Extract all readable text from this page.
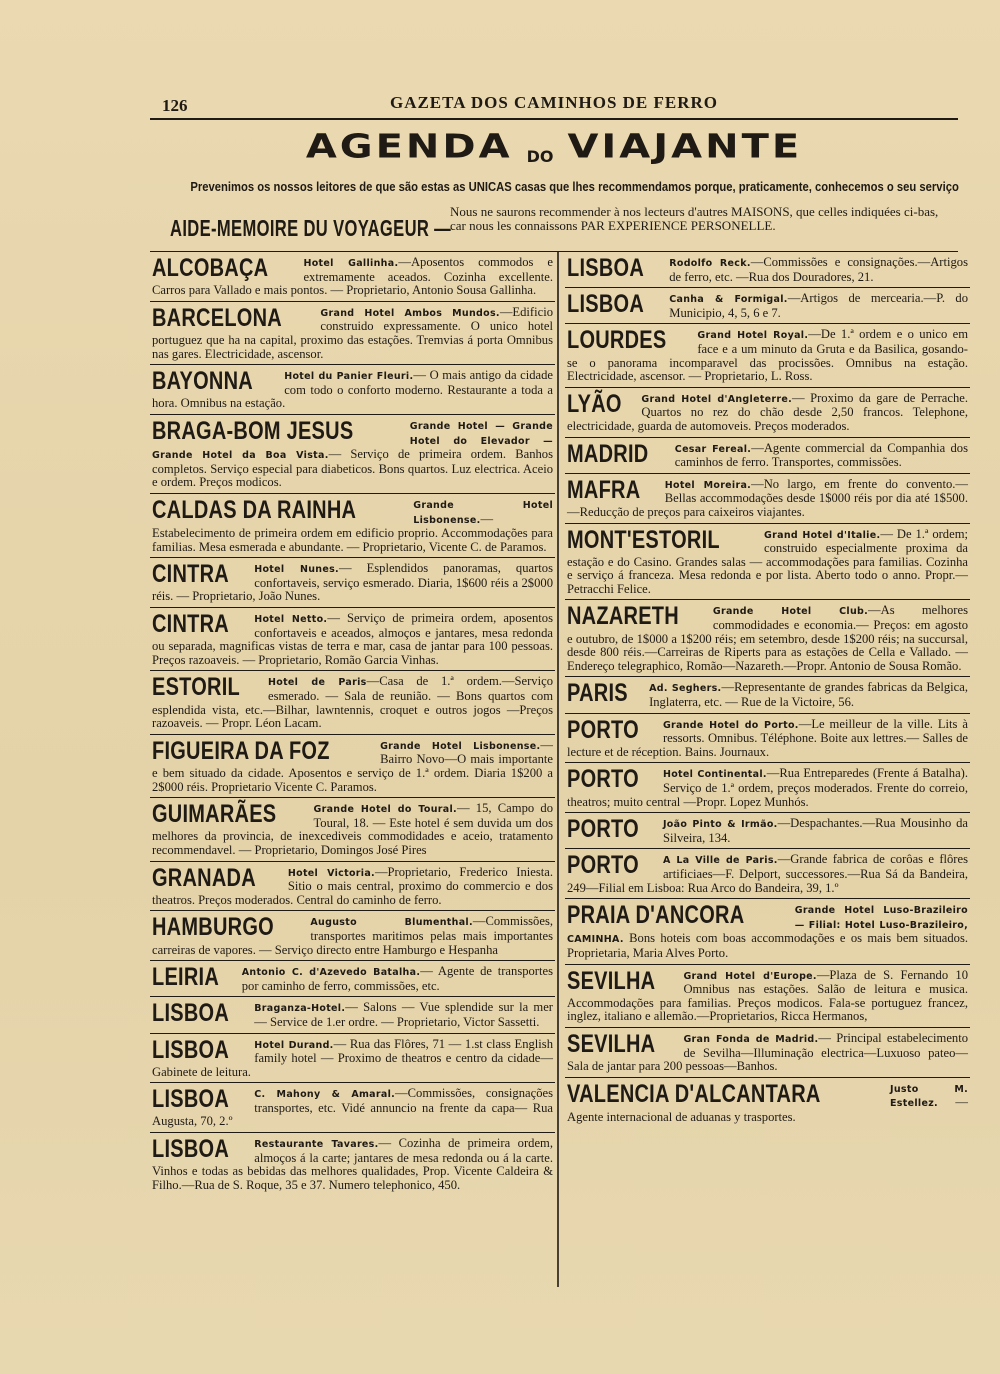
126	GAZETA DOS CAMINHOS DE FERRO
AGENDA DO VIAJANTE
Prevenimos os nossos leitores de que são estas as UNICAS casas que lhes recommendamos porque, praticamente, conhecemos o seu serviço
AIDE-MEMOIRE DU VOYAGEUR —
Nous ne saurons recommender à nos lecteurs d'autres MAISONS, que celles indiquées ci-bas, car nous les connaissons PAR EXPERIENCE PERSONELLE.
ALCOBAÇA	Hotel Gallinha.—Aposentos commodos e extremamente aceados. Cozinha excellente. Carros para Vallado e mais pontos. — Proprietario, Antonio Sousa Gallinha.
BARCELONA	Grand Hotel Ambos Mundos.—Edificio construido expressamente. O unico hotel portuguez que ha na capital, proximo das estações. Tremvias á porta Omnibus nas gares. Electricidade, ascensor.
BAYONNA	Hotel du Panier Fleuri.— O mais antigo da cidade com todo o conforto moderno. Restaurante a toda a hora. Omnibus na estação.
BRAGA-BOM JESUS	Grande Hotel — Grande Hotel do Elevador —Grande Hotel da Boa Vista.— Serviço de primeira ordem. Banhos completos. Serviço especial para diabeticos. Bons quartos. Luz electrica. Aceio e ordem. Preços modicos.
CALDAS DA RAINHA	Grande Hotel Lisbonense.— Estabelecimento de primeira ordem em edificio proprio. Accommodações para familias. Mesa esmerada e abundante. — Proprietario, Vicente C. de Paramos.
CINTRA	Hotel Nunes.— Esplendidos panoramas, quartos confortaveis, serviço esmerado. Diaria, 1$600 réis a 2$000 réis. — Proprietario, João Nunes.
CINTRA	Hotel Netto.— Serviço de primeira ordem, aposentos confortaveis e aceados, almoços e jantares, mesa redonda ou separada, magnificas vistas de terra e mar, casa de jantar para 100 pessoas. Preços razoaveis. — Proprietario, Romão Garcia Vinhas.
ESTORIL	Hotel de Paris—Casa de 1.ª ordem.—Serviço esmerado. — Sala de reunião. — Bons quartos com esplendida vista, etc.—Bilhar, lawntennis, croquet e outros jogos —Preços razoaveis. — Propr. Léon Lacam.
FIGUEIRA DA FOZ	Grande Hotel Lisbonense.—Bairro Novo—O mais importante e bem situado da cidade. Aposentos e serviço de 1.ª ordem. Diaria 1$200 a 2$000 réis. Proprietario Vicente C. Paramos.
GUIMARÃES	Grande Hotel do Toural.— 15, Campo do Toural, 18. — Este hotel é sem duvida um dos melhores da provincia, de inexcediveis commodidades e aceio, tratamento recommendavel. — Proprietario, Domingos José Pires
GRANADA	Hotel Victoria.—Proprietario, Frederico Iniesta. Sitio o mais central, proximo do commercio e dos theatros. Preços moderados. Central do caminho de ferro.
HAMBURGO	Augusto Blumenthal.—Commissões, transportes maritimos pelas mais importantes carreiras de vapores. — Serviço directo entre Hamburgo e Hespanha
LEIRIA Antonio C. d'Azevedo Batalha.— Agente de transportes por caminho de ferro, commissões, etc.
LISBOA	Braganza-Hotel.— Salons — Vue splendide sur la mer — Service de 1.er ordre. — Proprietario, Victor Sassetti.
LISBOA	Hotel Durand.— Rua das Flôres, 71 — 1.st class English family hotel — Proximo de theatros e centro da cidade—Gabinete de leitura.
LISBOA	C. Mahony & Amaral.—Commissões, consignações transportes, etc. Vidé annuncio na frente da capa— Rua Augusta, 70, 2.º
LISBOA	Restaurante Tavares.— Cozinha de primeira ordem, almoços á la carte; jantares de mesa redonda ou á la carte. Vinhos e todas as bebidas das melhores qualidades, Prop. Vicente Caldeira & Filho.—Rua de S. Roque, 35 e 37. Numero telephonico, 450.
LISBOA	Rodolfo Reck.—Commissões e consignações.—Artigos de ferro, etc. —Rua dos Douradores, 21.
LISBOA	Canha & Formigal.—Artigos de mercearia.—P. do Municipio, 4, 5, 6 e 7.
LOURDES	Grand Hotel Royal.—De 1.ª ordem e o unico em face e a um minuto da Gruta e da Basilica, gosando-se o panorama incomparavel das procissões. Omnibus na estação. Electricidade, ascensor. — Proprietario, L. Ross.
LYÃO Grand Hotel d'Angleterre.— Proximo da gare de Perrache. Quartos no rez do chão desde 2,50 francos. Telephone, electricidade, guarda de automoveis. Preços moderados.
MADRID	Cesar Fereal.—Agente commercial da Companhia dos caminhos de ferro. Transportes, commissões.
MAFRA	Hotel Moreira.—No largo, em frente do convento.— Bellas accommodações desde 1$000 réis por dia até 1$500.—Reducção de preços para caixeiros viajantes.
MONT'ESTORIL	Grand Hotel d'Italie.— De 1.ª ordem; construido especialmente proxima da estação e do Casino. Grandes salas — accommodações para familias. Cozinha e serviço á franceza. Mesa redonda e por lista. Aberto todo o anno. Propr.—Petracchi Felice.
NAZARETH	Grande Hotel Club.—As melhores commodidades e economia.— Preços: em agosto e outubro, de 1$000 a 1$200 réis; em setembro, desde 1$200 réis; na succursal, desde 800 réis.—Carreiras de Riperts para as estações de Cella e Vallado. — Endereço telegraphico, Romão—Nazareth.—Propr. Antonio de Sousa Romão.
PARIS Ad. Seghers.—Representante de grandes fabricas da Belgica, Inglaterra, etc. — Rue de la Victoire, 56.
PORTO	Grande Hotel do Porto.—Le meilleur de la ville. Lits à ressorts. Omnibus. Téléphone. Boite aux lettres.— Salles de lecture et de réception. Bains. Journaux.
PORTO	Hotel Continental.—Rua Entreparedes (Frente á Batalha). Serviço de 1.ª ordem, preços moderados. Frente do correio, theatros; muito central —Propr. Lopez Munhós.
PORTO	João Pinto & Irmão.—Despachantes.—Rua Mousinho da Silveira, 134.
PORTO	A La Ville de Paris.—Grande fabrica de corôas e flôres artificiaes—F. Delport, successores.—Rua Sá da Bandeira, 249—Filial em Lisboa: Rua Arco do Bandeira, 39, 1.º
PRAIA D'ANCORA	Grande Hotel Luso-Brazileiro — Filial: Hotel Luso-Brazileiro, CAMINHA. Bons hoteis com boas accommodações e os mais bem situados. Proprietaria, Maria Alves Porto.
SEVILHA	Grand Hotel d'Europe.—Plaza de S. Fernando 10 Omnibus nas estações. Salão de leitura e musica. Accommodações para familias. Preços modicos. Fala-se portuguez francez, inglez, italiano e allemão.—Proprietarios, Ricca Hermanos,
SEVILHA	Gran Fonda de Madrid.— Principal estabelecimento de Sevilha—Illuminação electrica—Luxuoso pateo—Sala de jantar para 200 pessoas—Banhos.
VALENCIA D'ALCANTARA	Justo M. Estellez. — Agente internacional de aduanas y trasportes.
